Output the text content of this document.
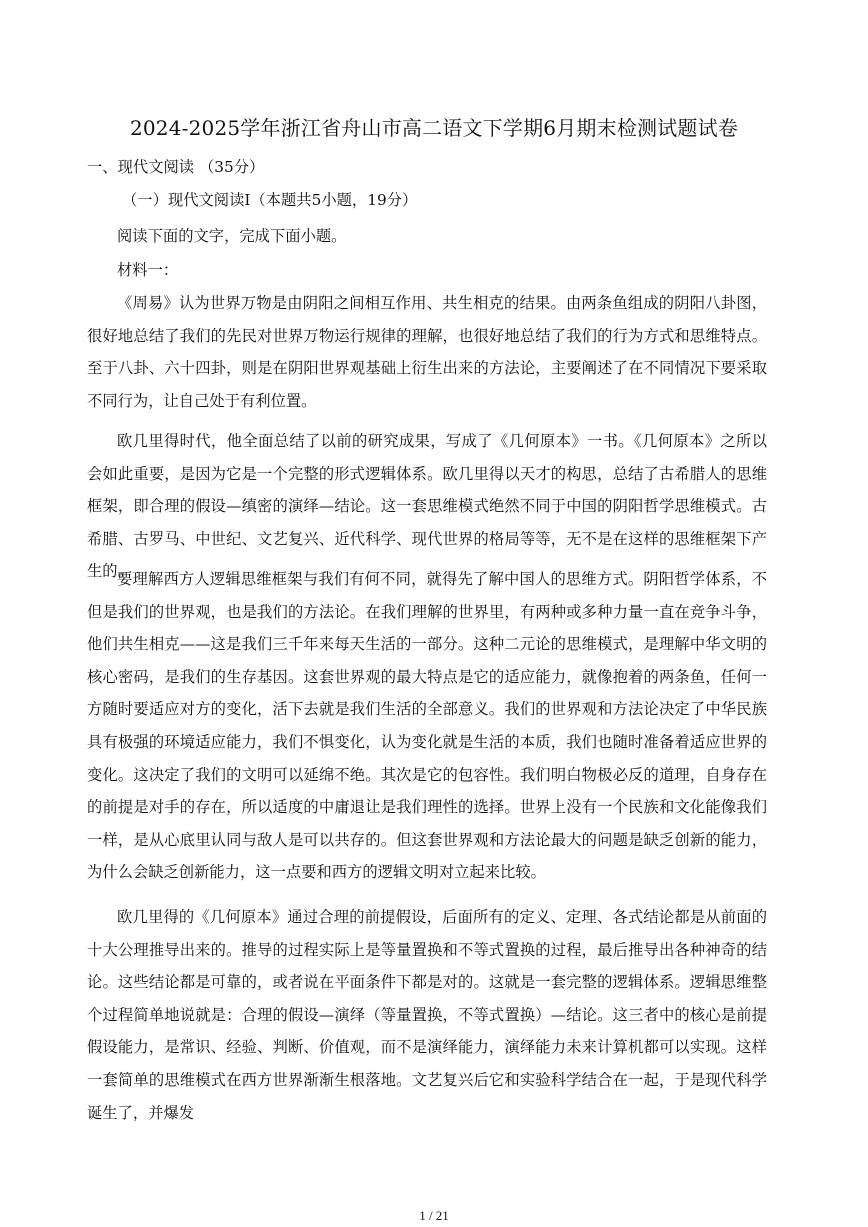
2024-2025学年浙江省舟山市高二语文下学期6月期末检测试题试卷
一、现代文阅读 （35分）
（一）现代文阅读Ⅰ（本题共5小题，19分）
阅读下面的文字，完成下面小题。
材料一：

《周易》认为世界万物是由阴阳之间相互作用、共生相克的结果。由两条鱼组成的阴阳八卦图，很好地总结了我们的先民对世界万物运行规律的理解，也很好地总结了我们的行为方式和思维特点。至于八卦、六十四卦，则是在阴阳世界观基础上衍生出来的方法论，主要阐述了在不同情况下要采取不同行为，让自己处于有利位置。

欧几里得时代，他全面总结了以前的研究成果，写成了《几何原本》一书。《几何原本》之所以会如此重要，是因为它是一个完整的形式逻辑体系。欧几里得以天才的构思，总结了古希腊人的思维框架，即合理的假设—缜密的演绎—结论。这一套思维模式绝然不同于中国的阴阳哲学思维模式。古希腊、古罗马、中世纪、文艺复兴、近代科学、现代世界的格局等等，无不是在这样的思维框架下产生的。

要理解西方人逻辑思维框架与我们有何不同，就得先了解中国人的思维方式。阴阳哲学体系，不但是我们的世界观，也是我们的方法论。在我们理解的世界里，有两种或多种力量一直在竞争斗争，他们共生相克——这是我们三千年来每天生活的一部分。这种二元论的思维模式，是理解中华文明的核心密码，是我们的生存基因。这套世界观的最大特点是它的适应能力，就像抱着的两条鱼，任何一方随时要适应对方的变化，活下去就是我们生活的全部意义。我们的世界观和方法论决定了中华民族具有极强的环境适应能力，我们不惧变化，认为变化就是生活的本质，我们也随时准备着适应世界的变化。这决定了我们的文明可以延绵不绝。其次是它的包容性。我们明白物极必反的道理，自身存在的前提是对手的存在，所以适度的中庸退让是我们理性的选择。世界上没有一个民族和文化能像我们一样，是从心底里认同与敌人是可以共存的。但这套世界观和方法论最大的问题是缺乏创新的能力，为什么会缺乏创新能力，这一点要和西方的逻辑文明对立起来比较。

欧几里得的《几何原本》通过合理的前提假设，后面所有的定义、定理、各式结论都是从前面的十大公理推导出来的。推导的过程实际上是等量置换和不等式置换的过程，最后推导出各种神奇的结论。这些结论都是可靠的，或者说在平面条件下都是对的。这就是一套完整的逻辑体系。逻辑思维整个过程简单地说就是：合理的假设—演绎（等量置换，不等式置换）—结论。这三者中的核心是前提假设能力，是常识、经验、判断、价值观，而不是演绎能力，演绎能力未来计算机都可以实现。这样一套简单的思维模式在西方世界渐渐生根落地。文艺复兴后它和实验科学结合在一起，于是现代科学诞生了，并爆发

1 / 21
